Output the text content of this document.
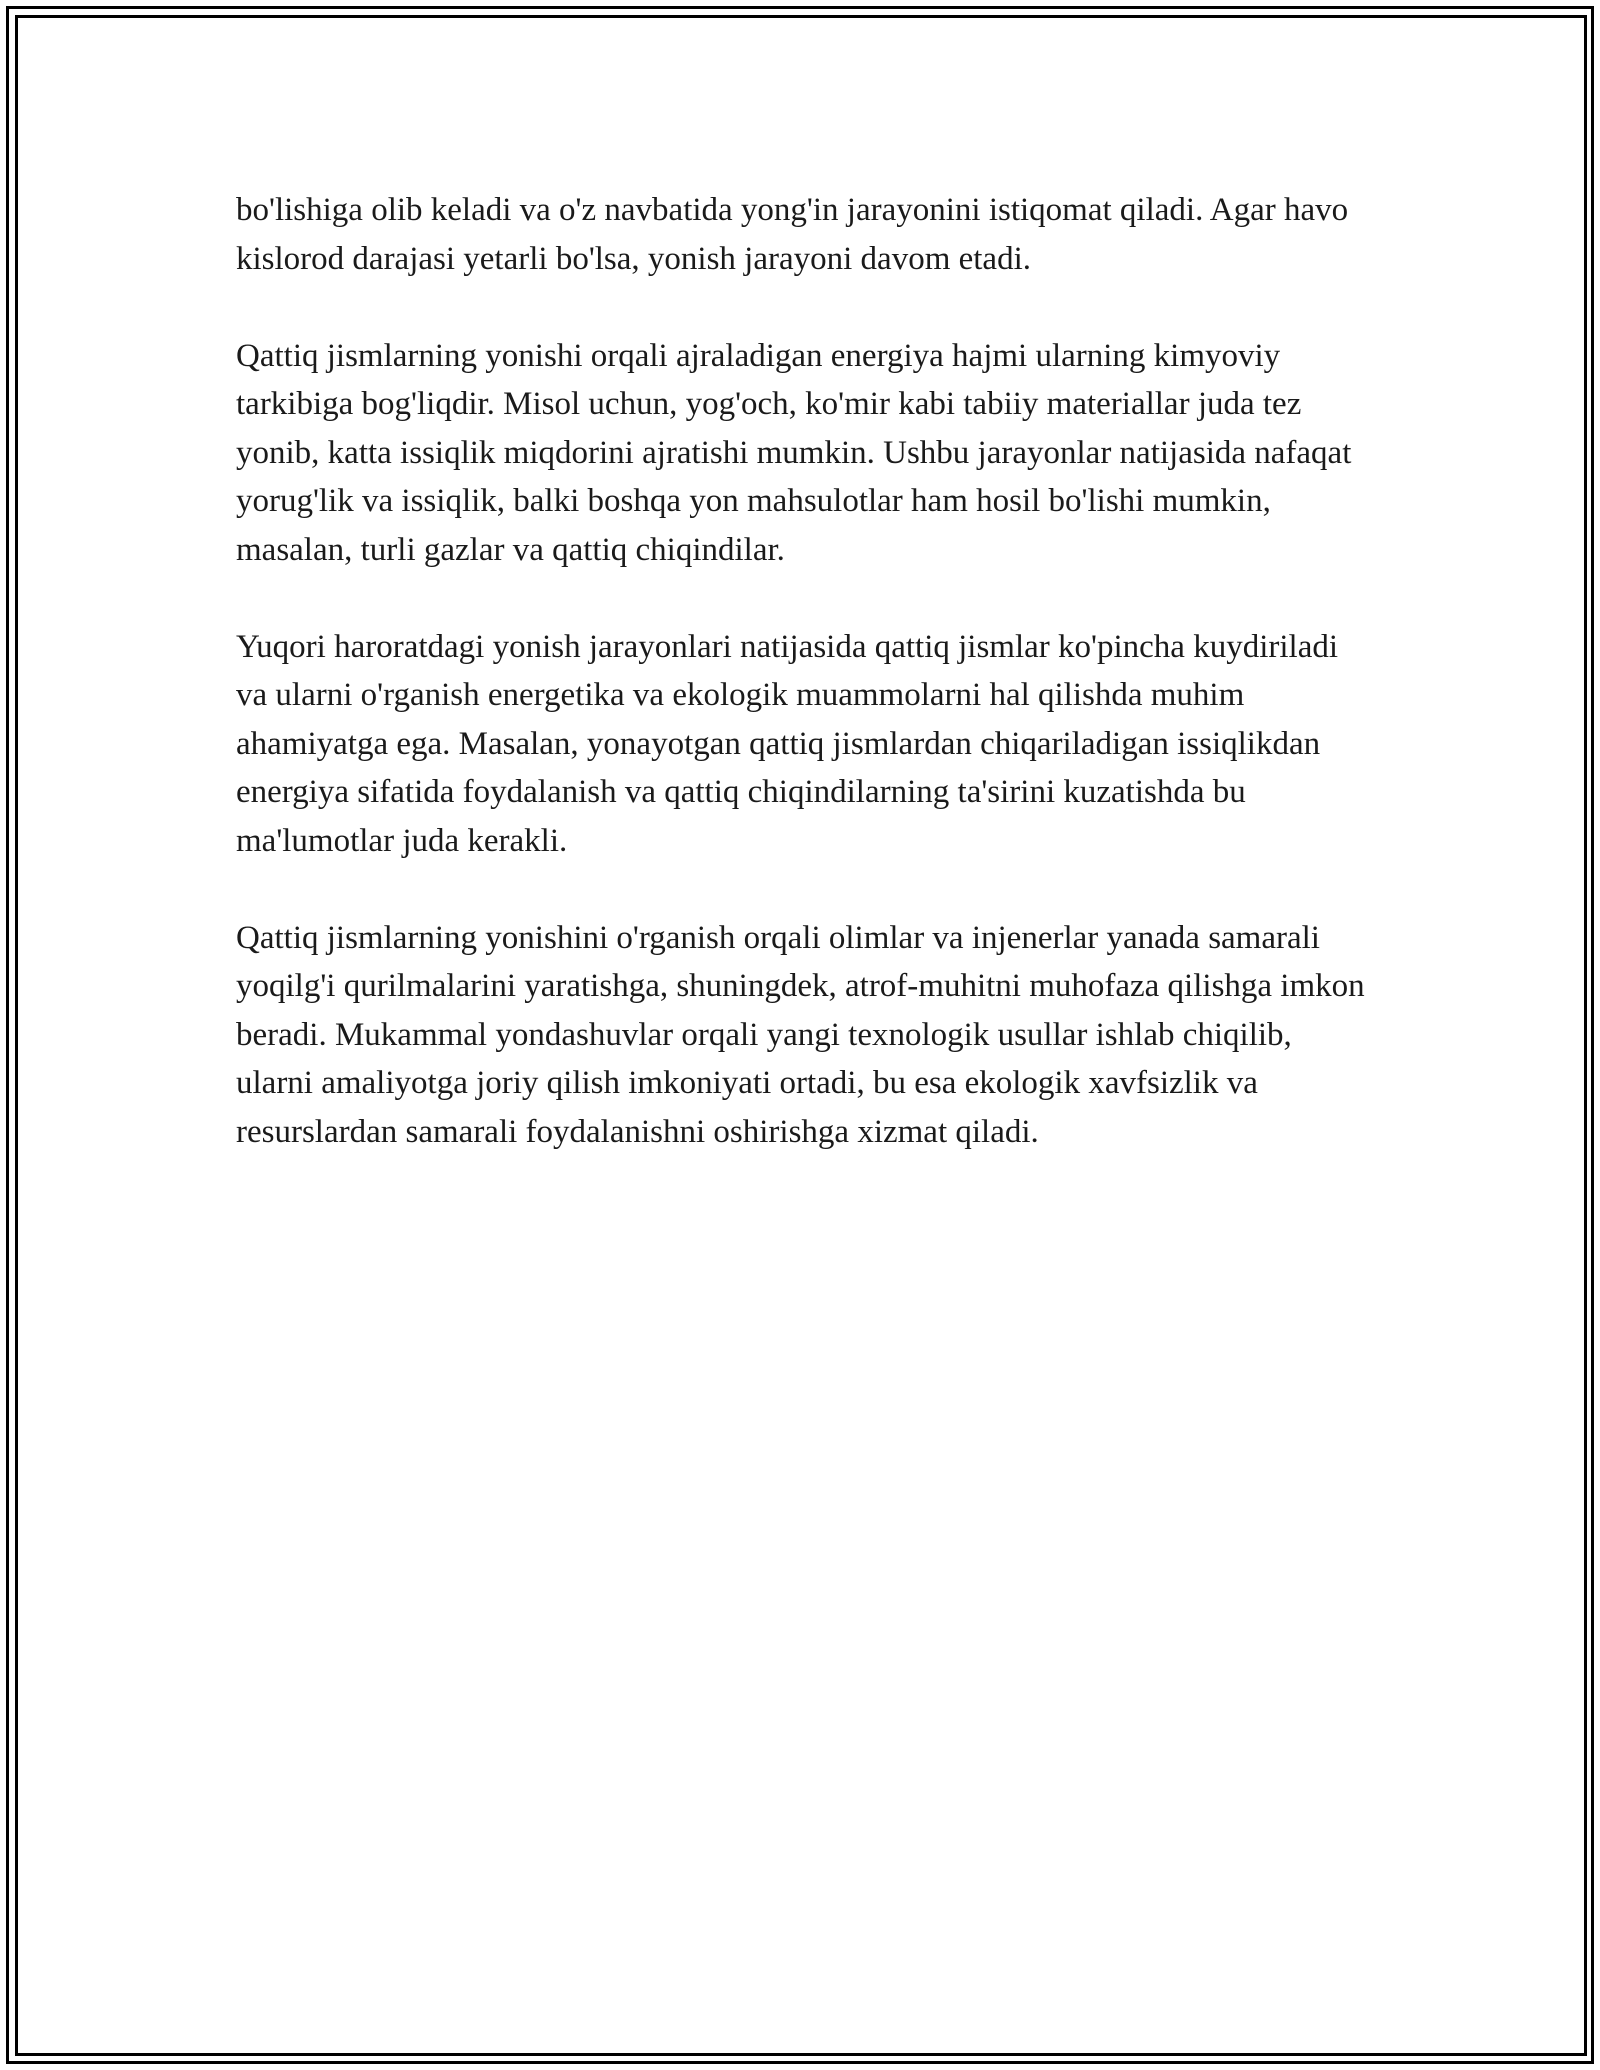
bo'lishiga olib keladi va o'z navbatida yong'in jarayonini istiqomat qiladi. Agar havo kislorod darajasi yetarli bo'lsa, yonish jarayoni davom etadi.

Qattiq jismlarning yonishi orqali ajraladigan energiya hajmi ularning kimyoviy tarkibiga bog'liqdir. Misol uchun, yog'och, ko'mir kabi tabiiy materiallar juda tez yonib, katta issiqlik miqdorini ajratishi mumkin. Ushbu jarayonlar natijasida nafaqat yorug'lik va issiqlik, balki boshqa yon mahsulotlar ham hosil bo'lishi mumkin, masalan, turli gazlar va qattiq chiqindilar.

Yuqori haroratdagi yonish jarayonlari natijasida qattiq jismlar ko'pincha kuydiriladi va ularni o'rganish energetika va ekologik muammolarni hal qilishda muhim ahamiyatga ega. Masalan, yonayotgan qattiq jismlardan chiqariladigan issiqlikdan energiya sifatida foydalanish va qattiq chiqindilarning ta'sirini kuzatishda bu ma'lumotlar juda kerakli.

Qattiq jismlarning yonishini o'rganish orqali olimlar va injenerlar yanada samarali yoqilg'i qurilmalarini yaratishga, shuningdek, atrof-muhitni muhofaza qilishga imkon beradi. Mukammal yondashuvlar orqali yangi texnologik usullar ishlab chiqilib, ularni amaliyotga joriy qilish imkoniyati ortadi, bu esa ekologik xavfsizlik va resurslardan samarali foydalanishni oshirishga xizmat qiladi.
